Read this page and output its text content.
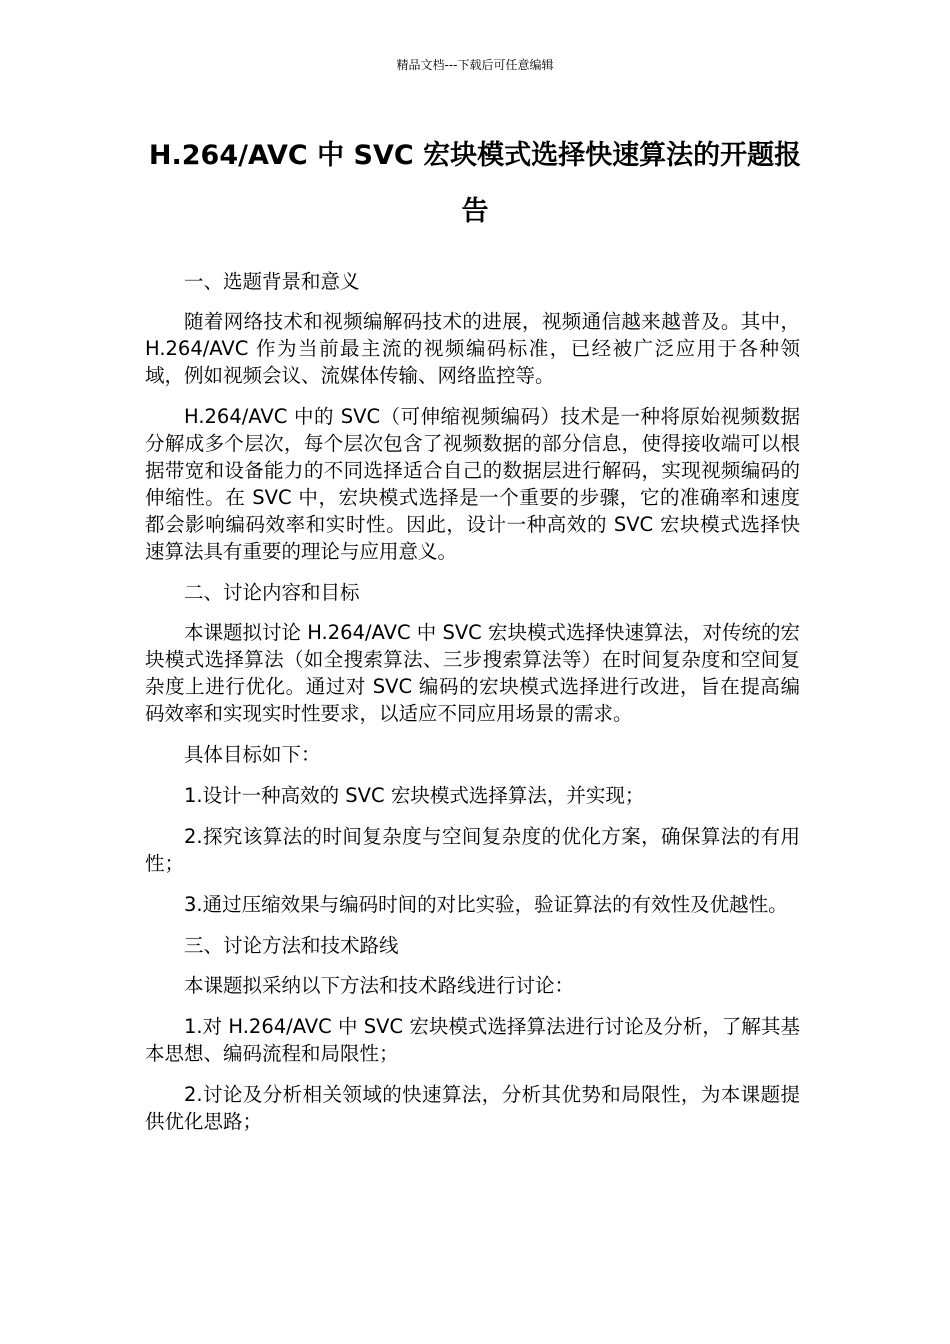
精品文档---下载后可任意编辑
H.264/AVC 中 SVC 宏块模式选择快速算法的开题报告

一、选题背景和意义

随着网络技术和视频编解码技术的进展，视频通信越来越普及。其中，H.264/AVC 作为当前最主流的视频编码标准，已经被广泛应用于各种领域，例如视频会议、流媒体传输、网络监控等。

H.264/AVC 中的 SVC（可伸缩视频编码）技术是一种将原始视频数据分解成多个层次，每个层次包含了视频数据的部分信息，使得接收端可以根据带宽和设备能力的不同选择适合自己的数据层进行解码，实现视频编码的伸缩性。在 SVC 中，宏块模式选择是一个重要的步骤，它的准确率和速度都会影响编码效率和实时性。因此，设计一种高效的 SVC 宏块模式选择快速算法具有重要的理论与应用意义。

二、讨论内容和目标

本课题拟讨论 H.264/AVC 中 SVC 宏块模式选择快速算法，对传统的宏块模式选择算法（如全搜索算法、三步搜索算法等）在时间复杂度和空间复杂度上进行优化。通过对 SVC 编码的宏块模式选择进行改进，旨在提高编码效率和实现实时性要求，以适应不同应用场景的需求。

具体目标如下：

1.设计一种高效的 SVC 宏块模式选择算法，并实现；

2.探究该算法的时间复杂度与空间复杂度的优化方案，确保算法的有用性；

3.通过压缩效果与编码时间的对比实验，验证算法的有效性及优越性。

三、讨论方法和技术路线

本课题拟采纳以下方法和技术路线进行讨论：

1.对 H.264/AVC 中 SVC 宏块模式选择算法进行讨论及分析，了解其基本思想、编码流程和局限性；

2.讨论及分析相关领域的快速算法，分析其优势和局限性，为本课题提供优化思路；
